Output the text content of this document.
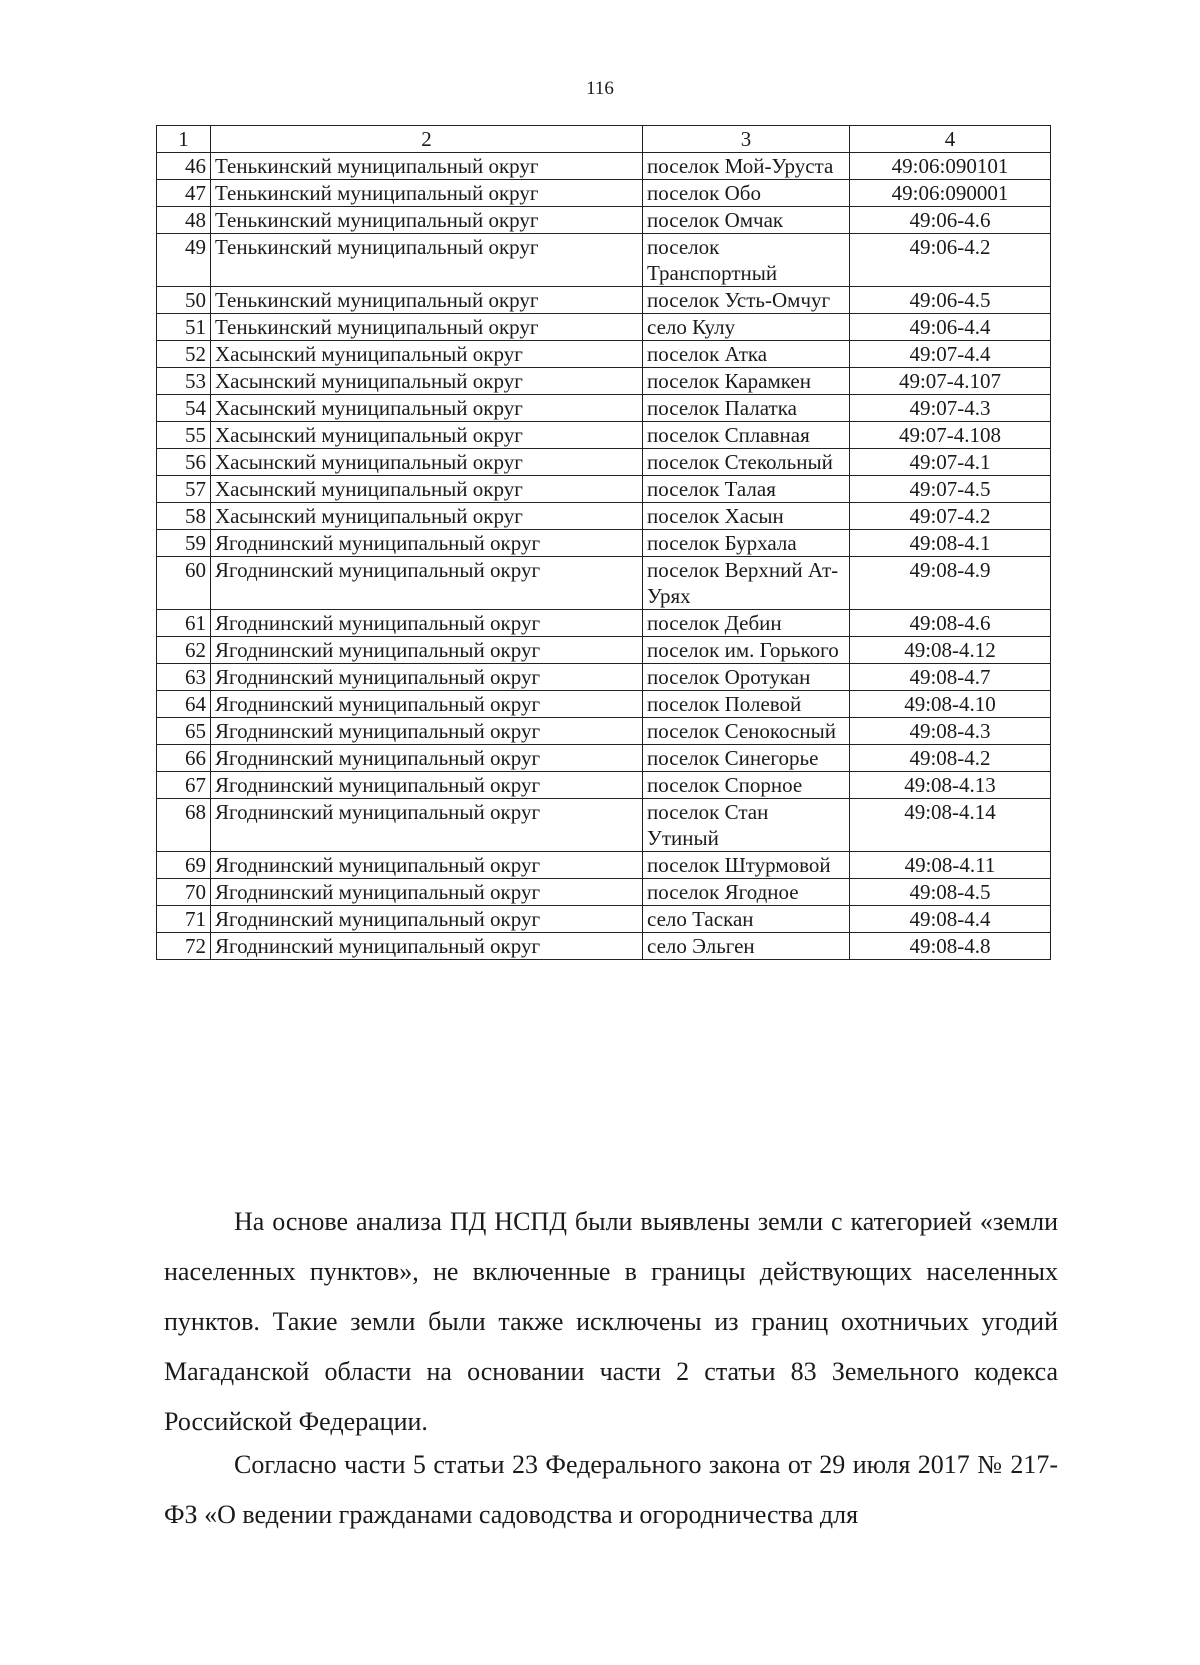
116
1	2	3	4
46	Тенькинский муниципальный округ	поселок Мой-Уруста	49:06:090101
47	Тенькинский муниципальный округ	поселок Обо	49:06:090001
48	Тенькинский муниципальный округ	поселок Омчак	49:06-4.6
49	Тенькинский муниципальный округ	поселок Транспортный	49:06-4.2
50	Тенькинский муниципальный округ	поселок Усть-Омчуг	49:06-4.5
51	Тенькинский муниципальный округ	село Кулу	49:06-4.4
52	Хасынский муниципальный округ	поселок Атка	49:07-4.4
53	Хасынский муниципальный округ	поселок Карамкен	49:07-4.107
54	Хасынский муниципальный округ	поселок Палатка	49:07-4.3
55	Хасынский муниципальный округ	поселок Сплавная	49:07-4.108
56	Хасынский муниципальный округ	поселок Стекольный	49:07-4.1
57	Хасынский муниципальный округ	поселок Талая	49:07-4.5
58	Хасынский муниципальный округ	поселок Хасын	49:07-4.2
59	Ягоднинский муниципальный округ	поселок Бурхала	49:08-4.1
60	Ягоднинский муниципальный округ	поселок Верхний Ат-Урях	49:08-4.9
61	Ягоднинский муниципальный округ	поселок Дебин	49:08-4.6
62	Ягоднинский муниципальный округ	поселок им. Горького	49:08-4.12
63	Ягоднинский муниципальный округ	поселок Оротукан	49:08-4.7
64	Ягоднинский муниципальный округ	поселок Полевой	49:08-4.10
65	Ягоднинский муниципальный округ	поселок Сенокосный	49:08-4.3
66	Ягоднинский муниципальный округ	поселок Синегорье	49:08-4.2
67	Ягоднинский муниципальный округ	поселок Спорное	49:08-4.13
68	Ягоднинский муниципальный округ	поселок Стан Утиный	49:08-4.14
69	Ягоднинский муниципальный округ	поселок Штурмовой	49:08-4.11
70	Ягоднинский муниципальный округ	поселок Ягодное	49:08-4.5
71	Ягоднинский муниципальный округ	село Таскан	49:08-4.4
72	Ягоднинский муниципальный округ	село Эльген	49:08-4.8

На основе анализа ПД НСПД были выявлены земли с категорией «земли населенных пунктов», не включенные в границы действующих населенных пунктов. Такие земли были также исключены из границ охотничьих угодий Магаданской области на основании части 2 статьи 83 Земельного кодекса Российской Федерации.

Согласно части 5 статьи 23 Федерального закона от 29 июля 2017 № 217- ФЗ «О ведении гражданами садоводства и огородничества для
